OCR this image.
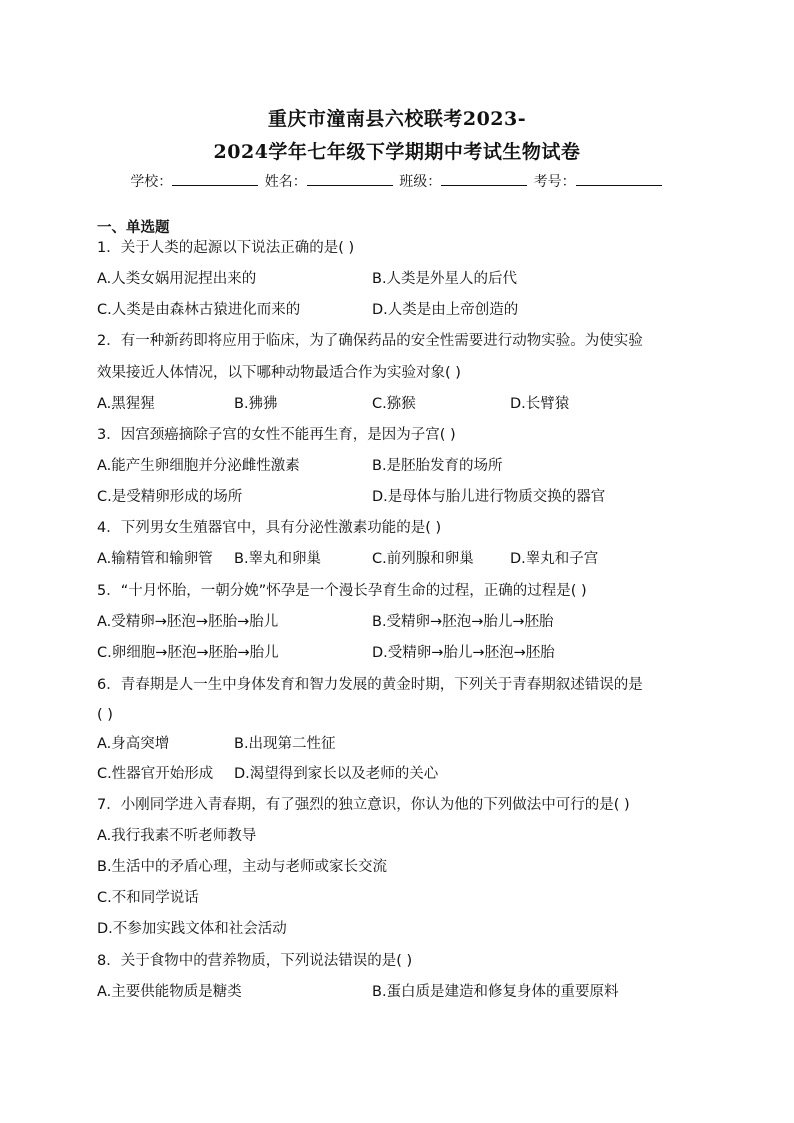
重庆市潼南县六校联考2023-
2024学年七年级下学期期中考试生物试卷
学校：	姓名：	班级：	考号：
一、单选题
1．关于人类的起源以下说法正确的是( )
A.人类女娲用泥捏出来的	B.人类是外星人的后代
C.人类是由森林古猿进化而来的	D.人类是由上帝创造的
2．有一种新药即将应用于临床，为了确保药品的安全性需要进行动物实验。为使实验
效果接近人体情况，以下哪种动物最适合作为实验对象( )
A.黑猩猩	B.狒狒	C.猕猴	D.长臂猿
3．因宫颈癌摘除子宫的女性不能再生育，是因为子宫( )
A.能产生卵细胞并分泌雌性激素	B.是胚胎发育的场所
C.是受精卵形成的场所	D.是母体与胎儿进行物质交换的器官
4．下列男女生殖器官中，具有分泌性激素功能的是( )
A.输精管和输卵管 B.睾丸和卵巢	C.前列腺和卵巢	D.睾丸和子宫
5．“十月怀胎，一朝分娩”怀孕是一个漫长孕育生命的过程，正确的过程是( )
A.受精卵→胚泡→胚胎→胎儿	B.受精卵→胚泡→胎儿→胚胎
C.卵细胞→胚泡→胚胎→胎儿	D.受精卵→胎儿→胚泡→胚胎
6．青春期是人一生中身体发育和智力发展的黄金时期，下列关于青春期叙述错误的是
( )
A.身高突增	B.出现第二性征
C.性器官开始形成 D.渴望得到家长以及老师的关心
7．小刚同学进入青春期，有了强烈的独立意识，你认为他的下列做法中可行的是( )
A.我行我素不听老师教导
B.生活中的矛盾心理，主动与老师或家长交流
C.不和同学说话
D.不参加实践文体和社会活动
8．关于食物中的营养物质，下列说法错误的是( )
A.主要供能物质是糖类	B.蛋白质是建造和修复身体的重要原料
